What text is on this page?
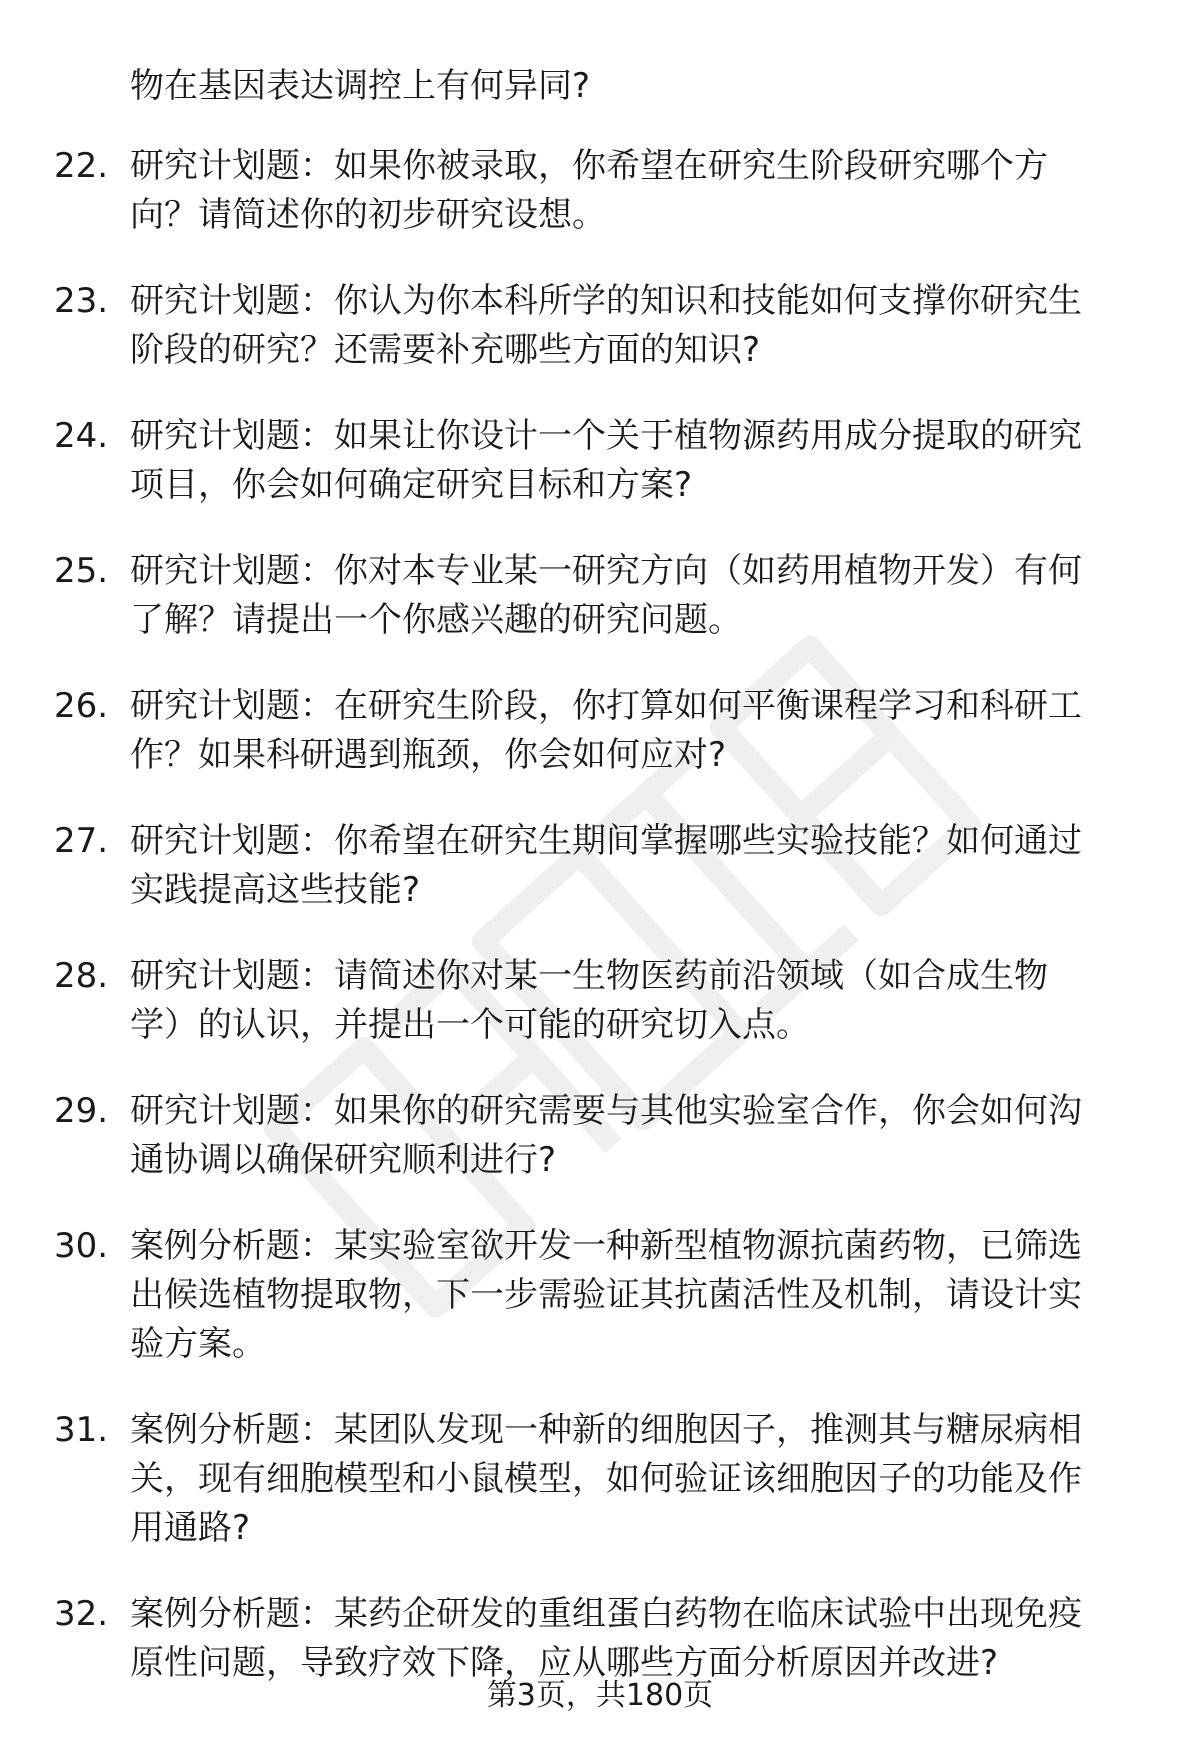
物在基因表达调控上有何异同?
22. 研究计划题：如果你被录取，你希望在研究生阶段研究哪个方
向？请简述你的初步研究设想。
23. 研究计划题：你认为你本科所学的知识和技能如何支撑你研究生
阶段的研究？还需要补充哪些方面的知识?
24. 研究计划题：如果让你设计一个关于植物源药用成分提取的研究
项目，你会如何确定研究目标和方案?
25. 研究计划题：你对本专业某一研究方向（如药用植物开发）有何
了解？请提出一个你感兴趣的研究问题。
26. 研究计划题：在研究生阶段，你打算如何平衡课程学习和科研工
作？如果科研遇到瓶颈，你会如何应对?
27. 研究计划题：你希望在研究生期间掌握哪些实验技能？如何通过
实践提高这些技能?
28. 研究计划题：请简述你对某一生物医药前沿领域（如合成生物
学）的认识，并提出一个可能的研究切入点。
29. 研究计划题：如果你的研究需要与其他实验室合作，你会如何沟
通协调以确保研究顺利进行?
30. 案例分析题：某实验室欲开发一种新型植物源抗菌药物，已筛选
出候选植物提取物，下一步需验证其抗菌活性及机制，请设计实
验方案。
31. 案例分析题：某团队发现一种新的细胞因子，推测其与糖尿病相
关，现有细胞模型和小鼠模型，如何验证该细胞因子的功能及作
用通路?
32. 案例分析题：某药企研发的重组蛋白药物在临床试验中出现免疫
原性问题，导致疗效下降，应从哪些方面分析原因并改进?
第3页，共180页
